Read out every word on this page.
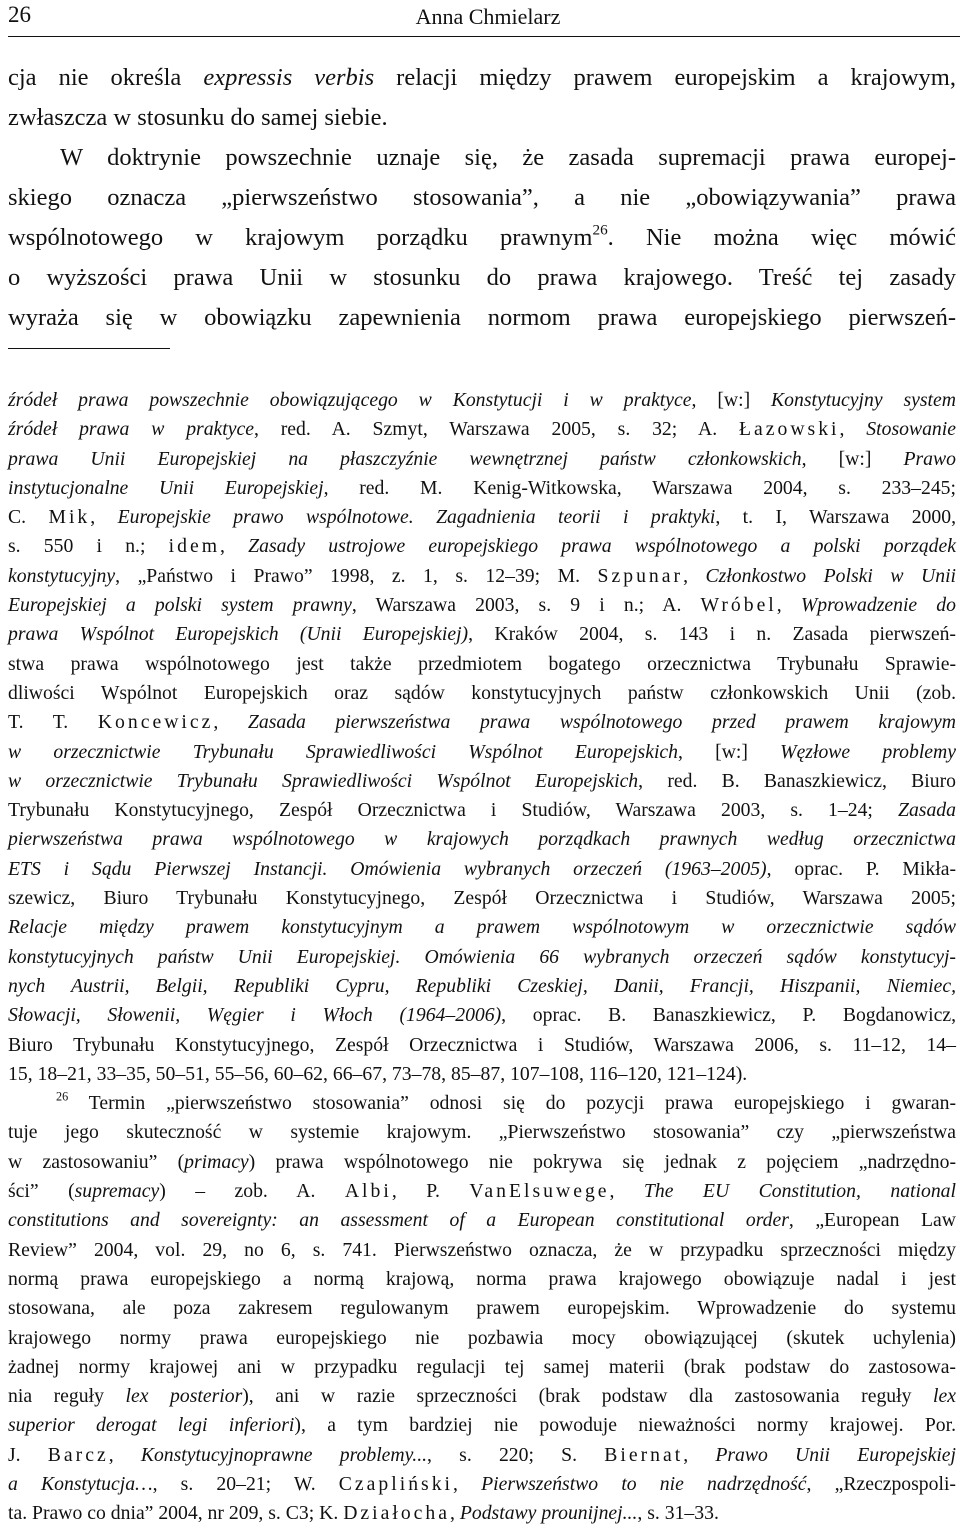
26	Anna Chmielarz
cja nie określa expressis verbis relacji między prawem europejskim a krajowym,
zwłaszcza w stosunku do samej siebie.
W doktrynie powszechnie uznaje się, że zasada supremacji prawa europej-
skiego oznacza „pierwszeństwo stosowania”, a nie „obowiązywania” prawa
wspólnotowego w krajowym porządku prawnym$^{26}$. Nie można więc mówić
o wyższości prawa Unii w stosunku do prawa krajowego. Treść tej zasady
wyraża się w obowiązku zapewnienia normom prawa europejskiego pierwszeń-
źródeł prawa powszechnie obowiązującego w Konstytucji i w praktyce, [w:] Konstytucyjny system
źródeł prawa w praktyce, red. A. Szmyt, Warszawa 2005, s. 32; A. Łazowski, Stosowanie
prawa Unii Europejskiej na płaszczyźnie wewnętrznej państw członkowskich, [w:] Prawo
instytucjonalne Unii Europejskiej, red. M. Kenig-Witkowska, Warszawa 2004, s. 233–245;
C. Mik, Europejskie prawo wspólnotowe. Zagadnienia teorii i praktyki, t. I, Warszawa 2000,
s. 550 i n.; idem, Zasady ustrojowe europejskiego prawa wspólnotowego a polski porządek
konstytucyjny, „Państwo i Prawo” 1998, z. 1, s. 12–39; M. Szpunar, Członkostwo Polski w Unii
Europejskiej a polski system prawny, Warszawa 2003, s. 9 i n.; A. Wróbel, Wprowadzenie do
prawa Wspólnot Europejskich (Unii Europejskiej), Kraków 2004, s. 143 i n. Zasada pierwszeń-
stwa prawa wspólnotowego jest także przedmiotem bogatego orzecznictwa Trybunału Sprawie-
dliwości Wspólnot Europejskich oraz sądów konstytucyjnych państw członkowskich Unii (zob.
T. T. Koncewicz, Zasada pierwszeństwa prawa wspólnotowego przed prawem krajowym
w orzecznictwie Trybunału Sprawiedliwości Wspólnot Europejskich, [w:] Węzłowe problemy
w orzecznictwie Trybunału Sprawiedliwości Wspólnot Europejskich, red. B. Banaszkiewicz, Biuro
Trybunału Konstytucyjnego, Zespół Orzecznictwa i Studiów, Warszawa 2003, s. 1–24; Zasada
pierwszeństwa prawa wspólnotowego w krajowych porządkach prawnych według orzecznictwa
ETS i Sądu Pierwszej Instancji. Omówienia wybranych orzeczeń (1963–2005), oprac. P. Mikła-
szewicz, Biuro Trybunału Konstytucyjnego, Zespół Orzecznictwa i Studiów, Warszawa 2005;
Relacje między prawem konstytucyjnym a prawem wspólnotowym w orzecznictwie sądów
konstytucyjnych państw Unii Europejskiej. Omówienia 66 wybranych orzeczeń sądów konstytucyj-
nych Austrii, Belgii, Republiki Cypru, Republiki Czeskiej, Danii, Francji, Hiszpanii, Niemiec,
Słowacji, Słowenii, Węgier i Włoch (1964–2006), oprac. B. Banaszkiewicz, P. Bogdanowicz,
Biuro Trybunału Konstytucyjnego, Zespół Orzecznictwa i Studiów, Warszawa 2006, s. 11–12, 14–
15, 18–21, 33–35, 50–51, 55–56, 60–62, 66–67, 73–78, 85–87, 107–108, 116–120, 121–124).
$^{26}$ Termin „pierwszeństwo stosowania” odnosi się do pozycji prawa europejskiego i gwaran-
tuje jego skuteczność w systemie krajowym. „Pierwszeństwo stosowania” czy „pierwszeństwa
w zastosowaniu” (primacy) prawa wspólnotowego nie pokrywa się jednak z pojęciem „nadrzędno-
ści” (supremacy) – zob. A. Albi, P. VanElsuwege, The EU Constitution, national
constitutions and sovereignty: an assessment of a European constitutional order, „European Law
Review” 2004, vol. 29, no 6, s. 741. Pierwszeństwo oznacza, że w przypadku sprzeczności między
normą prawa europejskiego a normą krajową, norma prawa krajowego obowiązuje nadal i jest
stosowana, ale poza zakresem regulowanym prawem europejskim. Wprowadzenie do systemu
krajowego normy prawa europejskiego nie pozbawia mocy obowiązującej (skutek uchylenia)
żadnej normy krajowej ani w przypadku regulacji tej samej materii (brak podstaw do zastosowa-
nia reguły lex posterior), ani w razie sprzeczności (brak podstaw dla zastosowania reguły lex
superior derogat legi inferiori), a tym bardziej nie powoduje nieważności normy krajowej. Por.
J. Barcz, Konstytucyjnoprawne problemy..., s. 220; S. Biernat, Prawo Unii Europejskiej
a Konstytucja…, s. 20–21; W. Czapliński, Pierwszeństwo to nie nadrzędność, „Rzeczpospoli-
ta. Prawo co dnia” 2004, nr 209, s. C3; K. Działocha, Podstawy prounijnej..., s. 31–33.
